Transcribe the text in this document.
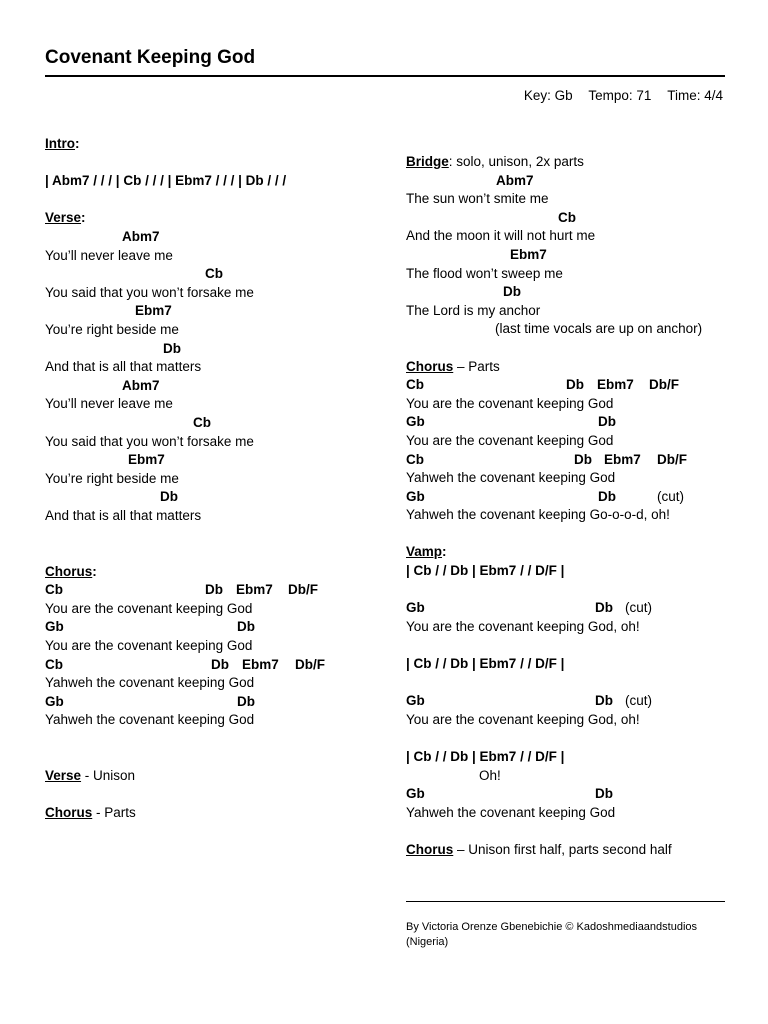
Covenant Keeping God
Key: Gb Tempo: 71 Time: 4/4
Intro:
| Abm7 / / / | Cb / / / | Ebm7 / / / | Db / / /
Verse:
Abm7
You’ll never leave me
Cb
You said that you won’t forsake me
Ebm7
You’re right beside me
Db
And that is all that matters
Abm7
You’ll never leave me
Cb
You said that you won’t forsake me
Ebm7
You’re right beside me
Db
And that is all that matters
Chorus:

Cb

	Db

Ebm7

Db/F

You are the covenant keeping God

Gb

	Db

You are the covenant keeping God

Cb

	Db

Ebm7

Db/F

Yahweh the covenant keeping God

Gb

	Db

Yahweh the covenant keeping God
Verse - Unison
Chorus - Parts
Bridge: solo, unison, 2x parts
Abm7
The sun won’t smite me
Cb
And the moon it will not hurt me
Ebm7
The flood won’t sweep me
Db
The Lord is my anchor
(last time vocals are up on anchor)
Chorus – Parts

Cb

	Db

Ebm7

Db/F

You are the covenant keeping God

Gb

	Db

You are the covenant keeping God

Cb

	Db

Ebm7

Db/F

Yahweh the covenant keeping God

Gb

	Db

	(cut)

Yahweh the covenant keeping Go-o-o-d, oh!
Vamp:
| Cb / / Db | Ebm7 / / D/F |

Gb

	Db

(cut)

You are the covenant keeping God, oh!
| Cb / / Db | Ebm7 / / D/F |

Gb

	Db

(cut)

You are the covenant keeping God, oh!
| Cb / / Db | Ebm7 / / D/F |
Oh!

Gb

	Db

Yahweh the covenant keeping God
Chorus – Unison first half, parts second half
By Victoria Orenze Gbenebichie © Kadoshmediaandstudios (Nigeria)
